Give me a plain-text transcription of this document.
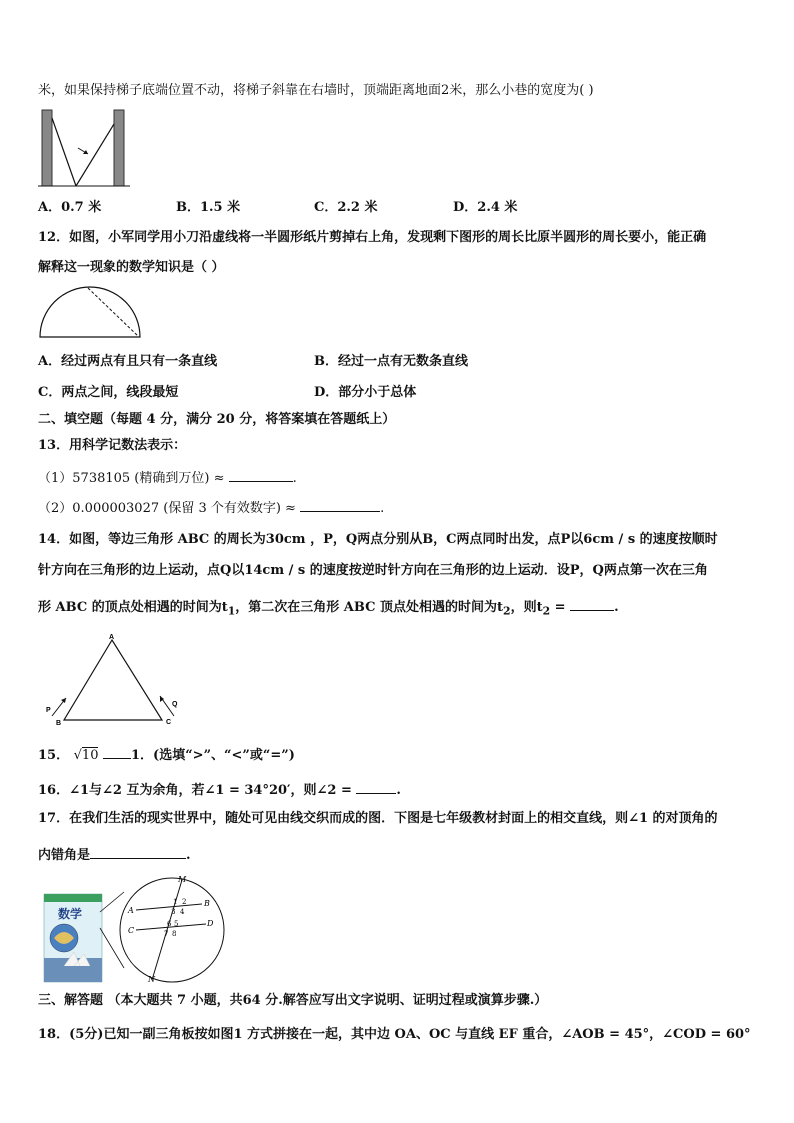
米，如果保持梯子底端位置不动，将梯子斜靠在右墙时，顶端距离地面2米，那么小巷的宽度为( )
A．0.7 米	B．1.5 米	C．2.2 米	D．2.4 米
12．如图，小军同学用小刀沿虚线将一半圆形纸片剪掉右上角，发现剩下图形的周长比原半圆形的周长要小，能正确
解释这一现象的数学知识是（ ）
A．经过两点有且只有一条直线	B．经过一点有无数条直线
C．两点之间，线段最短	D．部分小于总体
二、填空题（每题 4 分，满分 20 分，将答案填在答题纸上）
13．用科学记数法表示：
（1）5738105 (精确到万位) ≈	.
（2）0.000003027 (保留 3 个有效数字) ≈	.
14．如图，等边三角形 ABC 的周长为30cm ，P，Q两点分别从B，C两点同时出发，点P以6cm / s 的速度按顺时
针方向在三角形的边上运动，点Q以14cm / s 的速度按逆时针方向在三角形的边上运动．设P，Q两点第一次在三角
形 ABC 的顶点处相遇的时间为$t_1$，第二次在三角形 ABC 顶点处相遇的时间为$t_2$，则$t_2$ =	.
A
B	C
P
Q
15． √10	1．(选填“>”、“<”或“=”)
16．∠1与∠2 互为余角，若∠1 = 34°20′，则∠2 =	.
17．在我们生活的现实世界中，随处可见由线交织而成的图．下图是七年级教材封面上的相交直线，则∠1 的对顶角的
内错角是	.
数学
M
N
A
B
C
D
1 2
3 4
6 5
7 8
三、解答题 （本大题共 7 小题，共64 分.解答应写出文字说明、证明过程或演算步骤.）
18．(5分)已知一副三角板按如图1 方式拼接在一起，其中边 OA、OC 与直线 EF 重合，∠AOB = 45°，∠COD = 60°
